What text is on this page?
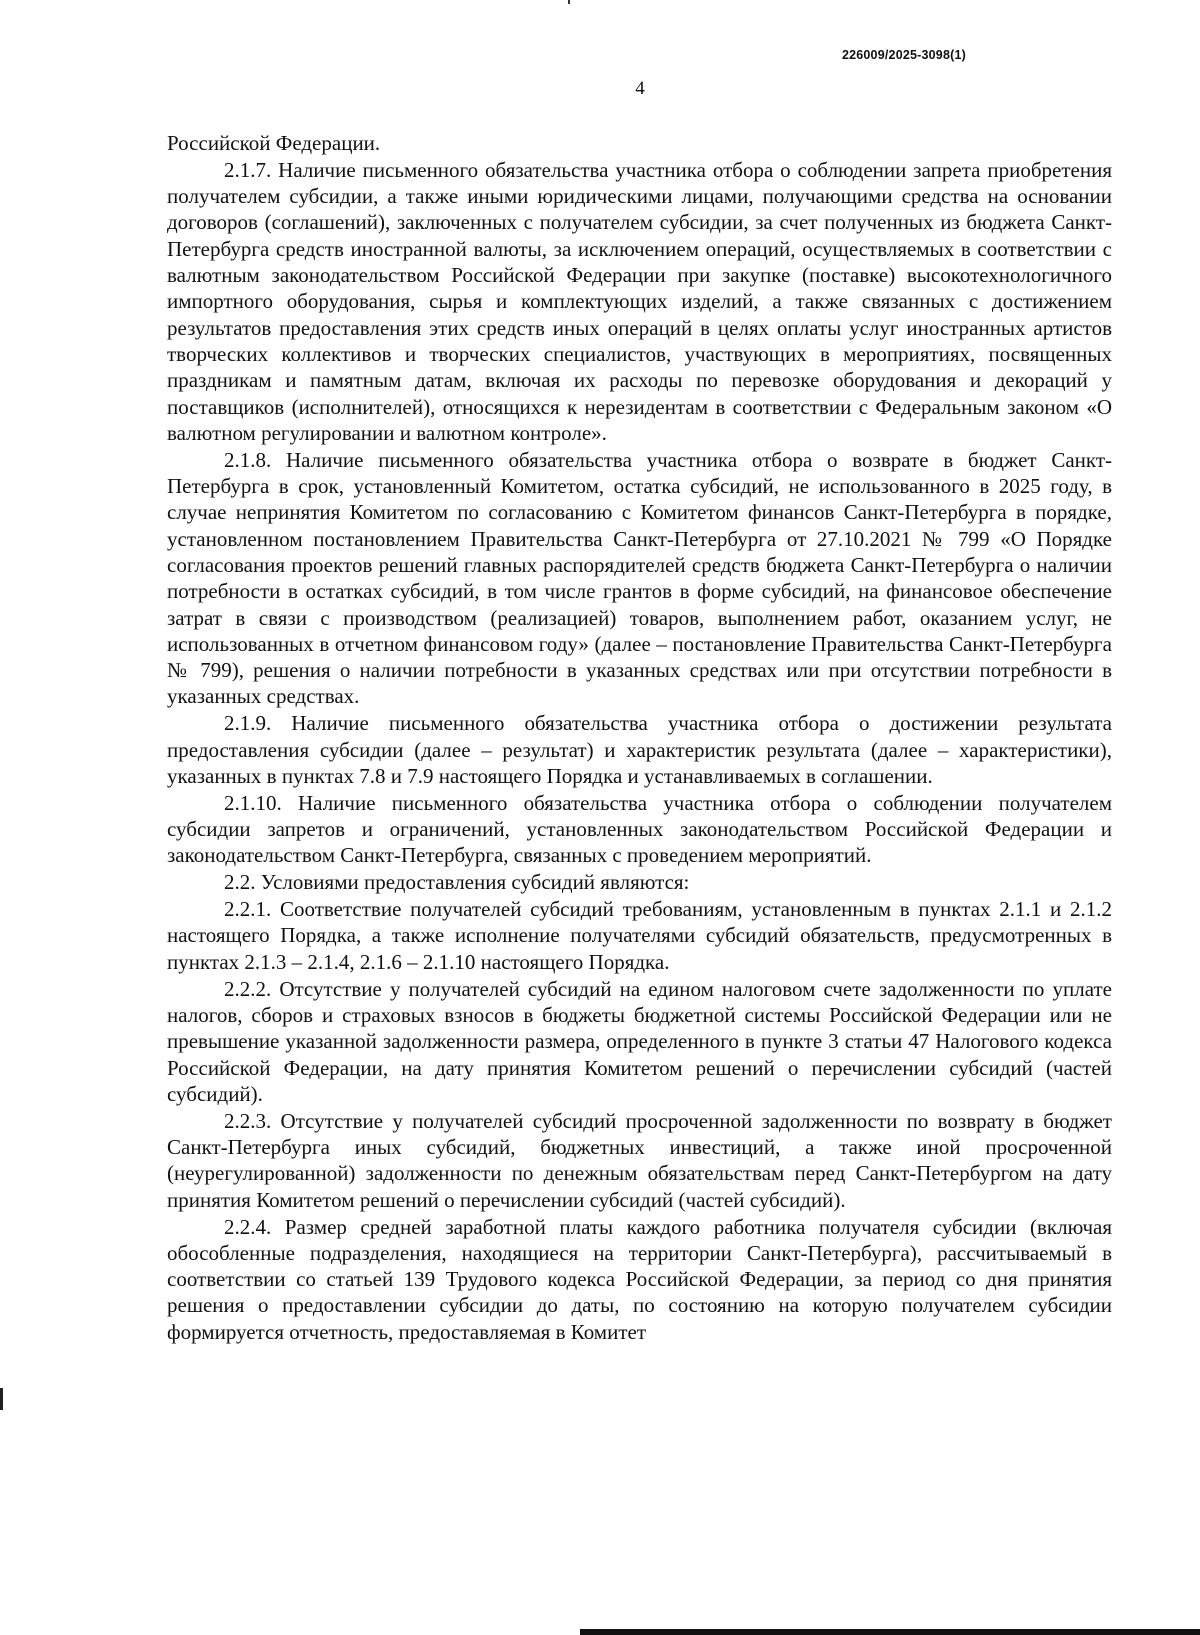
226009/2025-3098(1)
4

Российской Федерации.

2.1.7. Наличие письменного обязательства участника отбора о соблюдении запрета приобретения получателем субсидии, а также иными юридическими лицами, получающими средства на основании договоров (соглашений), заключенных с получателем субсидии, за счет полученных из бюджета Санкт-Петербурга средств иностранной валюты, за исключением операций, осуществляемых в соответствии с валютным законодательством Российской Федерации при закупке (поставке) высокотехнологичного импортного оборудования, сырья и комплектующих изделий, а также связанных с достижением результатов предоставления этих средств иных операций в целях оплаты услуг иностранных артистов творческих коллективов и творческих специалистов, участвующих в мероприятиях, посвященных праздникам и памятным датам, включая их расходы по перевозке оборудования и декораций у поставщиков (исполнителей), относящихся к нерезидентам в соответствии с Федеральным законом «О валютном регулировании и валютном контроле».

2.1.8. Наличие письменного обязательства участника отбора о возврате в бюджет Санкт-Петербурга в срок, установленный Комитетом, остатка субсидий, не использованного в 2025 году, в случае непринятия Комитетом по согласованию с Комитетом финансов Санкт-Петербурга в порядке, установленном постановлением Правительства Санкт-Петербурга от 27.10.2021 № 799 «О Порядке согласования проектов решений главных распорядителей средств бюджета Санкт-Петербурга о наличии потребности в остатках субсидий, в том числе грантов в форме субсидий, на финансовое обеспечение затрат в связи с производством (реализацией) товаров, выполнением работ, оказанием услуг, не использованных в отчетном финансовом году» (далее – постановление Правительства Санкт-Петербурга № 799), решения о наличии потребности в указанных средствах или при отсутствии потребности в указанных средствах.

2.1.9. Наличие письменного обязательства участника отбора о достижении результата предоставления субсидии (далее – результат) и характеристик результата (далее – характеристики), указанных в пунктах 7.8 и 7.9 настоящего Порядка и устанавливаемых в соглашении.

2.1.10. Наличие письменного обязательства участника отбора о соблюдении получателем субсидии запретов и ограничений, установленных законодательством Российской Федерации и законодательством Санкт-Петербурга, связанных с проведением мероприятий.

2.2. Условиями предоставления субсидий являются:

2.2.1. Соответствие получателей субсидий требованиям, установленным в пунктах 2.1.1 и 2.1.2 настоящего Порядка, а также исполнение получателями субсидий обязательств, предусмотренных в пунктах 2.1.3 – 2.1.4, 2.1.6 – 2.1.10 настоящего Порядка.

2.2.2. Отсутствие у получателей субсидий на едином налоговом счете задолженности по уплате налогов, сборов и страховых взносов в бюджеты бюджетной системы Российской Федерации или не превышение указанной задолженности размера, определенного в пункте 3 статьи 47 Налогового кодекса Российской Федерации, на дату принятия Комитетом решений о перечислении субсидий (частей субсидий).

2.2.3. Отсутствие у получателей субсидий просроченной задолженности по возврату в бюджет Санкт-Петербурга иных субсидий, бюджетных инвестиций, а также иной просроченной (неурегулированной) задолженности по денежным обязательствам перед Санкт-Петербургом на дату принятия Комитетом решений о перечислении субсидий (частей субсидий).

2.2.4. Размер средней заработной платы каждого работника получателя субсидии (включая обособленные подразделения, находящиеся на территории Санкт-Петербурга), рассчитываемый в соответствии со статьей 139 Трудового кодекса Российской Федерации, за период со дня принятия решения о предоставлении субсидии до даты, по состоянию на которую получателем субсидии формируется отчетность, предоставляемая в Комитет
